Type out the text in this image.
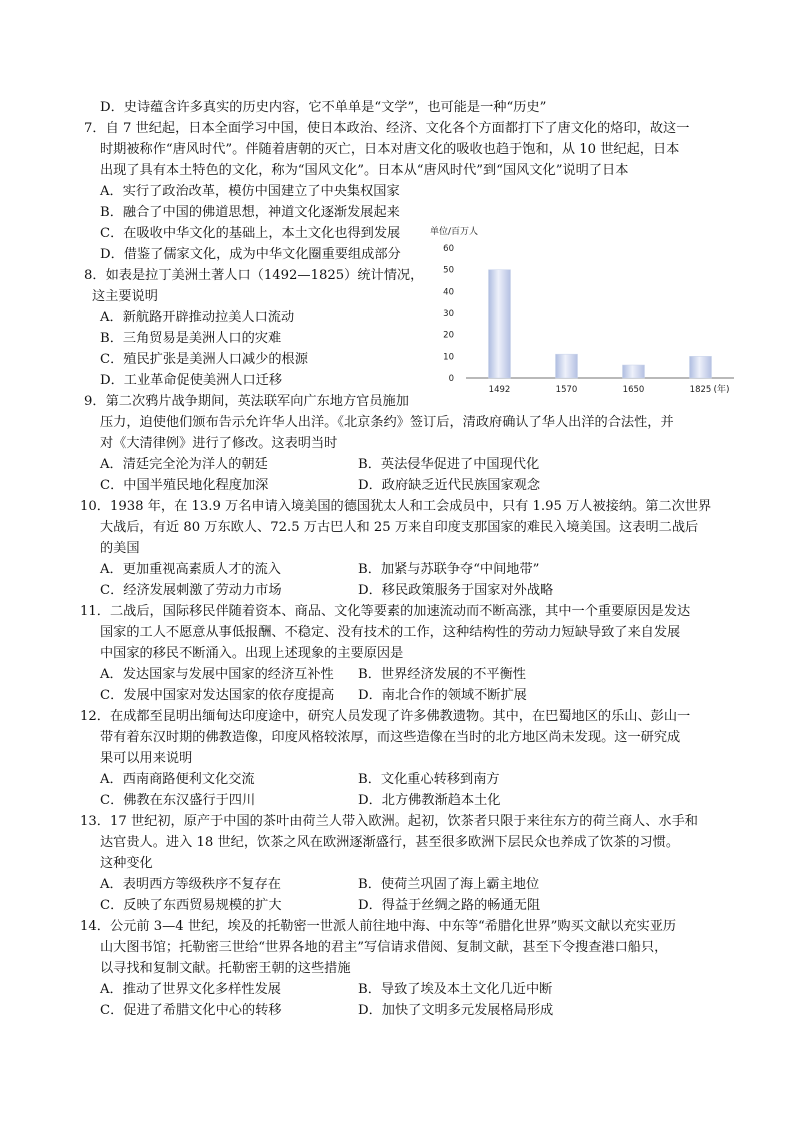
D．史诗蕴含许多真实的历史内容，它不单单是“文学”，也可能是一种“历史”
7．自 7 世纪起，日本全面学习中国，使日本政治、经济、文化各个方面都打下了唐文化的烙印，故这一
时期被称作“唐风时代”。伴随着唐朝的灭亡，日本对唐文化的吸收也趋于饱和，从 10 世纪起，日本
出现了具有本土特色的文化，称为“国风文化”。日本从“唐风时代”到“国风文化”说明了日本
A．实行了政治改革，模仿中国建立了中央集权国家
B．融合了中国的佛道思想，神道文化逐渐发展起来
C．在吸收中华文化的基础上，本土文化也得到发展
D．借鉴了儒家文化，成为中华文化圈重要组成部分
8．如表是拉丁美洲土著人口（1492—1825）统计情况，
这主要说明
A．新航路开辟推动拉美人口流动
B．三角贸易是美洲人口的灾难
C．殖民扩张是美洲人口减少的根源
D．工业革命促使美洲人口迁移
9．第二次鸦片战争期间，英法联军向广东地方官员施加
压力，迫使他们颁布告示允许华人出洋。《北京条约》签订后，清政府确认了华人出洋的合法性，并
对《大清律例》进行了修改。这表明当时
A．清廷完全沦为洋人的朝廷	B．英法侵华促进了中国现代化
C．中国半殖民地化程度加深	D．政府缺乏近代民族国家观念
10．1938 年，在 13.9 万名申请入境美国的德国犹太人和工会成员中，只有 1.95 万人被接纳。第二次世界
大战后，有近 80 万东欧人、72.5 万古巴人和 25 万来自印度支那国家的难民入境美国。这表明二战后
的美国
A．更加重视高素质人才的流入	B．加紧与苏联争夺“中间地带”
C．经济发展刺激了劳动力市场	D．移民政策服务于国家对外战略
11．二战后，国际移民伴随着资本、商品、文化等要素的加速流动而不断高涨，其中一个重要原因是发达
国家的工人不愿意从事低报酬、不稳定、没有技术的工作，这种结构性的劳动力短缺导致了来自发展
中国家的移民不断涌入。出现上述现象的主要原因是
A．发达国家与发展中国家的经济互补性 B．世界经济发展的不平衡性
C．发展中国家对发达国家的依存度提高 D．南北合作的领域不断扩展
12．在成都至昆明出缅甸达印度途中，研究人员发现了许多佛教遗物。其中，在巴蜀地区的乐山、彭山一
带有着东汉时期的佛教造像，印度风格较浓厚，而这些造像在当时的北方地区尚未发现。这一研究成
果可以用来说明
A．西南商路便利文化交流	B．文化重心转移到南方
C．佛教在东汉盛行于四川	D．北方佛教渐趋本土化
13．17 世纪初，原产于中国的茶叶由荷兰人带入欧洲。起初，饮茶者只限于来往东方的荷兰商人、水手和
达官贵人。进入 18 世纪，饮茶之风在欧洲逐渐盛行，甚至很多欧洲下层民众也养成了饮茶的习惯。
这种变化
A．表明西方等级秩序不复存在	B．使荷兰巩固了海上霸主地位
C．反映了东西贸易规模的扩大	D．得益于丝绸之路的畅通无阻
14．公元前 3—4 世纪，埃及的托勒密一世派人前往地中海、中东等“希腊化世界”购买文献以充实亚历
山大图书馆；托勒密三世给“世界各地的君主”写信请求借阅、复制文献，甚至下令搜查港口船只，
以寻找和复制文献。托勒密王朝的这些措施
A．推动了世界文化多样性发展	B．导致了埃及本土文化几近中断
C．促进了希腊文化中心的转移	D．加快了文明多元发展格局形成
单位/百万人
0
10
20
30
40
50
60
1492	1570	1650	1825 (年)
